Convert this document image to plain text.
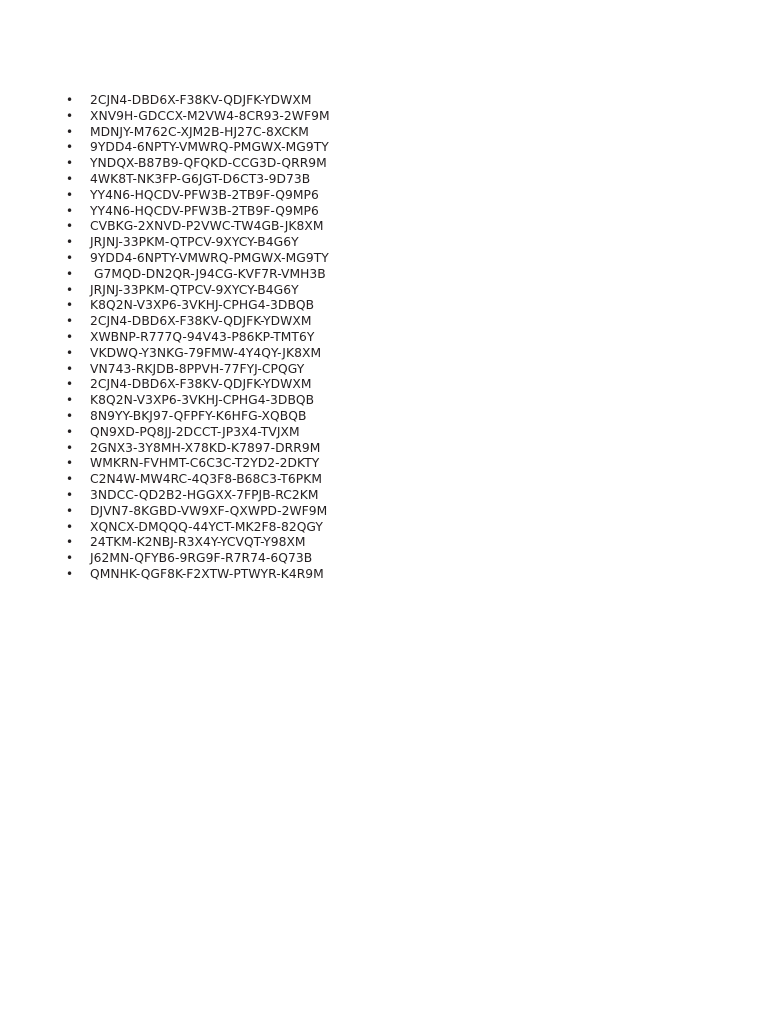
• 2CJN4-DBD6X-F38KV-QDJFK-YDWXM
• XNV9H-GDCCX-M2VW4-8CR93-2WF9M
• MDNJY-M762C-XJM2B-HJ27C-8XCKM
• 9YDD4-6NPTY-VMWRQ-PMGWX-MG9TY
• YNDQX-B87B9-QFQKD-CCG3D-QRR9M
• 4WK8T-NK3FP-G6JGT-D6CT3-9D73B
• YY4N6-HQCDV-PFW3B-2TB9F-Q9MP6
• YY4N6-HQCDV-PFW3B-2TB9F-Q9MP6
• CVBKG-2XNVD-P2VWC-TW4GB-JK8XM
• JRJNJ-33PKM-QTPCV-9XYCY-B4G6Y
• 9YDD4-6NPTY-VMWRQ-PMGWX-MG9TY
• G7MQD-DN2QR-J94CG-KVF7R-VMH3B
• JRJNJ-33PKM-QTPCV-9XYCY-B4G6Y
• K8Q2N-V3XP6-3VKHJ-CPHG4-3DBQB
• 2CJN4-DBD6X-F38KV-QDJFK-YDWXM
• XWBNP-R777Q-94V43-P86KP-TMT6Y
• VKDWQ-Y3NKG-79FMW-4Y4QY-JK8XM
• VN743-RKJDB-8PPVH-77FYJ-CPQGY
• 2CJN4-DBD6X-F38KV-QDJFK-YDWXM
• K8Q2N-V3XP6-3VKHJ-CPHG4-3DBQB
• 8N9YY-BKJ97-QFPFY-K6HFG-XQBQB
• QN9XD-PQ8JJ-2DCCT-JP3X4-TVJXM
• 2GNX3-3Y8MH-X78KD-K7897-DRR9M
• WMKRN-FVHMT-C6C3C-T2YD2-2DKTY
• C2N4W-MW4RC-4Q3F8-B68C3-T6PKM
• 3NDCC-QD2B2-HGGXX-7FPJB-RC2KM
• DJVN7-8KGBD-VW9XF-QXWPD-2WF9M
• XQNCX-DMQQQ-44YCT-MK2F8-82QGY
• 24TKM-K2NBJ-R3X4Y-YCVQT-Y98XM
• J62MN-QFYB6-9RG9F-R7R74-6Q73B
• QMNHK-QGF8K-F2XTW-PTWYR-K4R9M
